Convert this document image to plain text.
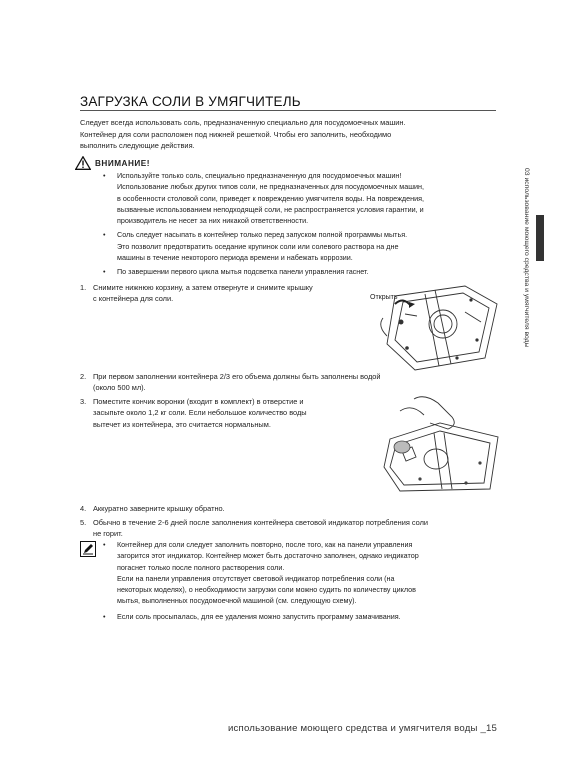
ЗАГРУЗКА СОЛИ В УМЯГЧИТЕЛЬ
Следует всегда использовать соль, предназначенную специально для посудомоечных машин.
Контейнер для соли расположен под нижней решеткой. Чтобы его заполнить, необходимо
выполнить следующие действия.
ВНИМАНИЕ!
• Используйте только соль, специально предназначенную для посудомоечных машин!
Использование любых других типов соли, не предназначенных для посудомоечных машин,
в особенности столовой соли, приведет к повреждению умягчителя воды. На повреждения,
вызванные использованием неподходящей соли, не распространяется условия гарантии, и
производитель не несет за них никакой ответственности.
• Соль следует насыпать в контейнер только перед запуском полной программы мытья.
Это позволит предотвратить оседание крупинок соли или солевого раствора на дне
машины в течение некоторого периода времени и набежать коррозии.
• По завершении первого цикла мытья подсветка панели управления гаснет.
1. Снимите нижнюю корзину, а затем отвернуте и снимите крышку
с контейнера для соли.	Открыть
2. При первом заполнении контейнера 2/3 его объема должны быть заполнены водой
(около 500 мл).
3. Поместите кончик воронки (входит в комплект) в отверстие и
засыпьте около 1,2 кг соли. Если небольшое количество воды
вытечет из контейнера, это считается нормальным.
4. Аккуратно заверните крышку обратно.
5. Обычно в течение 2-6 дней после заполнения контейнера световой индикатор потребления соли
не горит.
• Контейнер для соли следует заполнить повторно, после того, как на панели управления
загорится этот индикатор. Контейнер может быть достаточно заполнен, однако индикатор
погаснет только после полного растворения соли.
Если на панели управления отсутствует световой индикатор потребления соли (на
некоторых моделях), о необходимости загрузки соли можно судить по количеству циклов
мытья, выполненных посудомоечной машиной (см. следующую схему).
• Если соль просыпалась, для ее удаления можно запустить программу замачивания.
03 использование моющего средства и умягчителя воды
использование моющего средства и умягчителя воды _15
